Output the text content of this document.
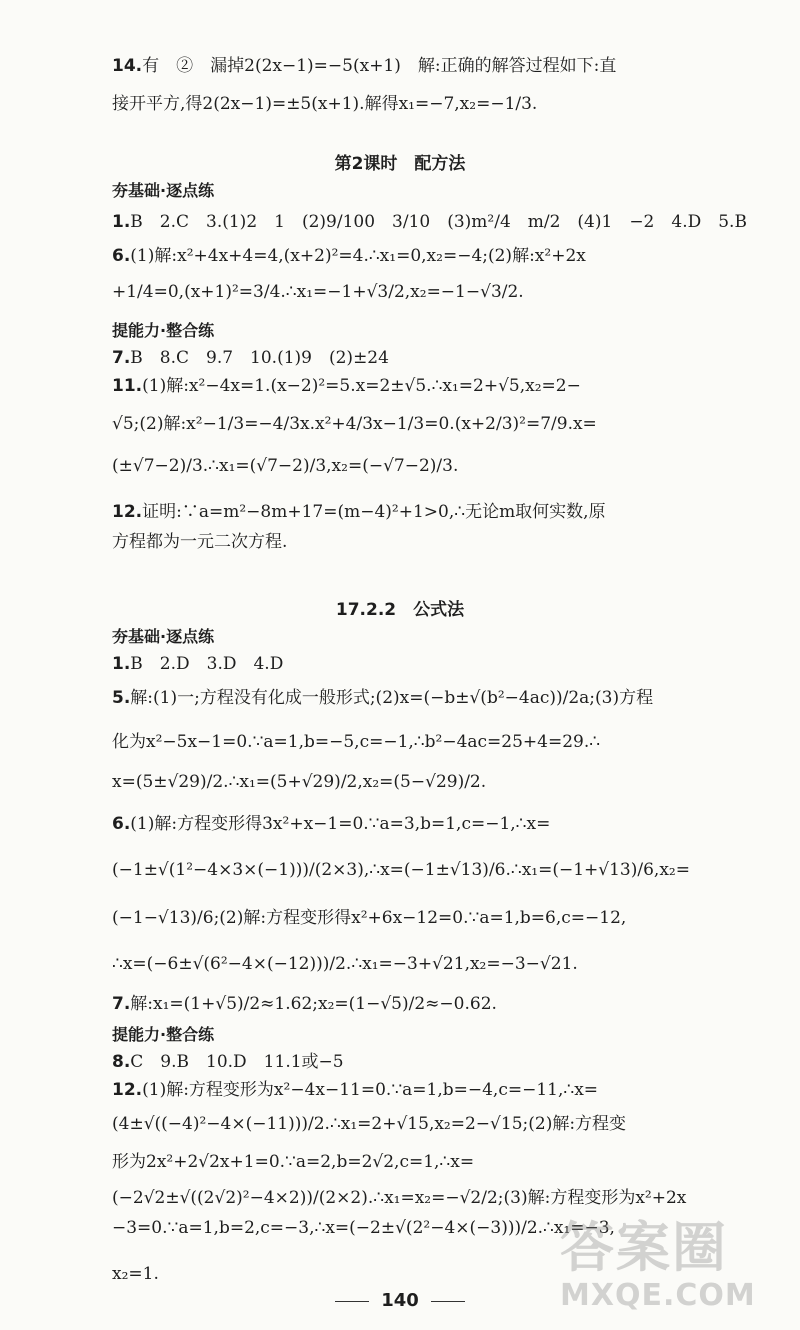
14.有　②　漏掉2(2x−1)=−5(x+1)　解:正确的解答过程如下:直
接开平方,得2(2x−1)=±5(x+1).解得x₁=−7,x₂=−1/3.
第2课时　配方法
夯基础·逐点练
1.B　2.C　3.(1)2　1　(2)9/100　3/10　(3)m²/4　m/2　(4)1　−2　4.D　5.B
6.(1)解:x²+4x+4=4,(x+2)²=4.∴x₁=0,x₂=−4;(2)解:x²+2x
+1/4=0,(x+1)²=3/4.∴x₁=−1+√3/2,x₂=−1−√3/2.
提能力·整合练
7.B　8.C　9.7　10.(1)9　(2)±24
11.(1)解:x²−4x=1.(x−2)²=5.x=2±√5.∴x₁=2+√5,x₂=2−
√5;(2)解:x²−1/3=−4/3x.x²+4/3x−1/3=0.(x+2/3)²=7/9.x=
(±√7−2)/3.∴x₁=(√7−2)/3,x₂=(−√7−2)/3.
12.证明:∵a=m²−8m+17=(m−4)²+1>0,∴无论m取何实数,原
方程都为一元二次方程.
17.2.2　公式法
夯基础·逐点练
1.B　2.D　3.D　4.D
5.解:(1)一;方程没有化成一般形式;(2)x=(−b±√(b²−4ac))/2a;(3)方程
化为x²−5x−1=0.∵a=1,b=−5,c=−1,∴b²−4ac=25+4=29.∴
x=(5±√29)/2.∴x₁=(5+√29)/2,x₂=(5−√29)/2.
6.(1)解:方程变形得3x²+x−1=0.∵a=3,b=1,c=−1,∴x=
(−1±√(1²−4×3×(−1)))/(2×3),∴x=(−1±√13)/6.∴x₁=(−1+√13)/6,x₂=
(−1−√13)/6;(2)解:方程变形得x²+6x−12=0.∵a=1,b=6,c=−12,
∴x=(−6±√(6²−4×(−12)))/2.∴x₁=−3+√21,x₂=−3−√21.
7.解:x₁=(1+√5)/2≈1.62;x₂=(1−√5)/2≈−0.62.
提能力·整合练
8.C　9.B　10.D　11.1或−5
12.(1)解:方程变形为x²−4x−11=0.∵a=1,b=−4,c=−11,∴x=
(4±√((−4)²−4×(−11)))/2.∴x₁=2+√15,x₂=2−√15;(2)解:方程变
形为2x²+2√2x+1=0.∵a=2,b=2√2,c=1,∴x=
(−2√2±√((2√2)²−4×2))/(2×2).∴x₁=x₂=−√2/2;(3)解:方程变形为x²+2x
−3=0.∵a=1,b=2,c=−3,∴x=(−2±√(2²−4×(−3)))/2.∴x₁=−3,
x₂=1.
140
答案圈
MXQE.COM
